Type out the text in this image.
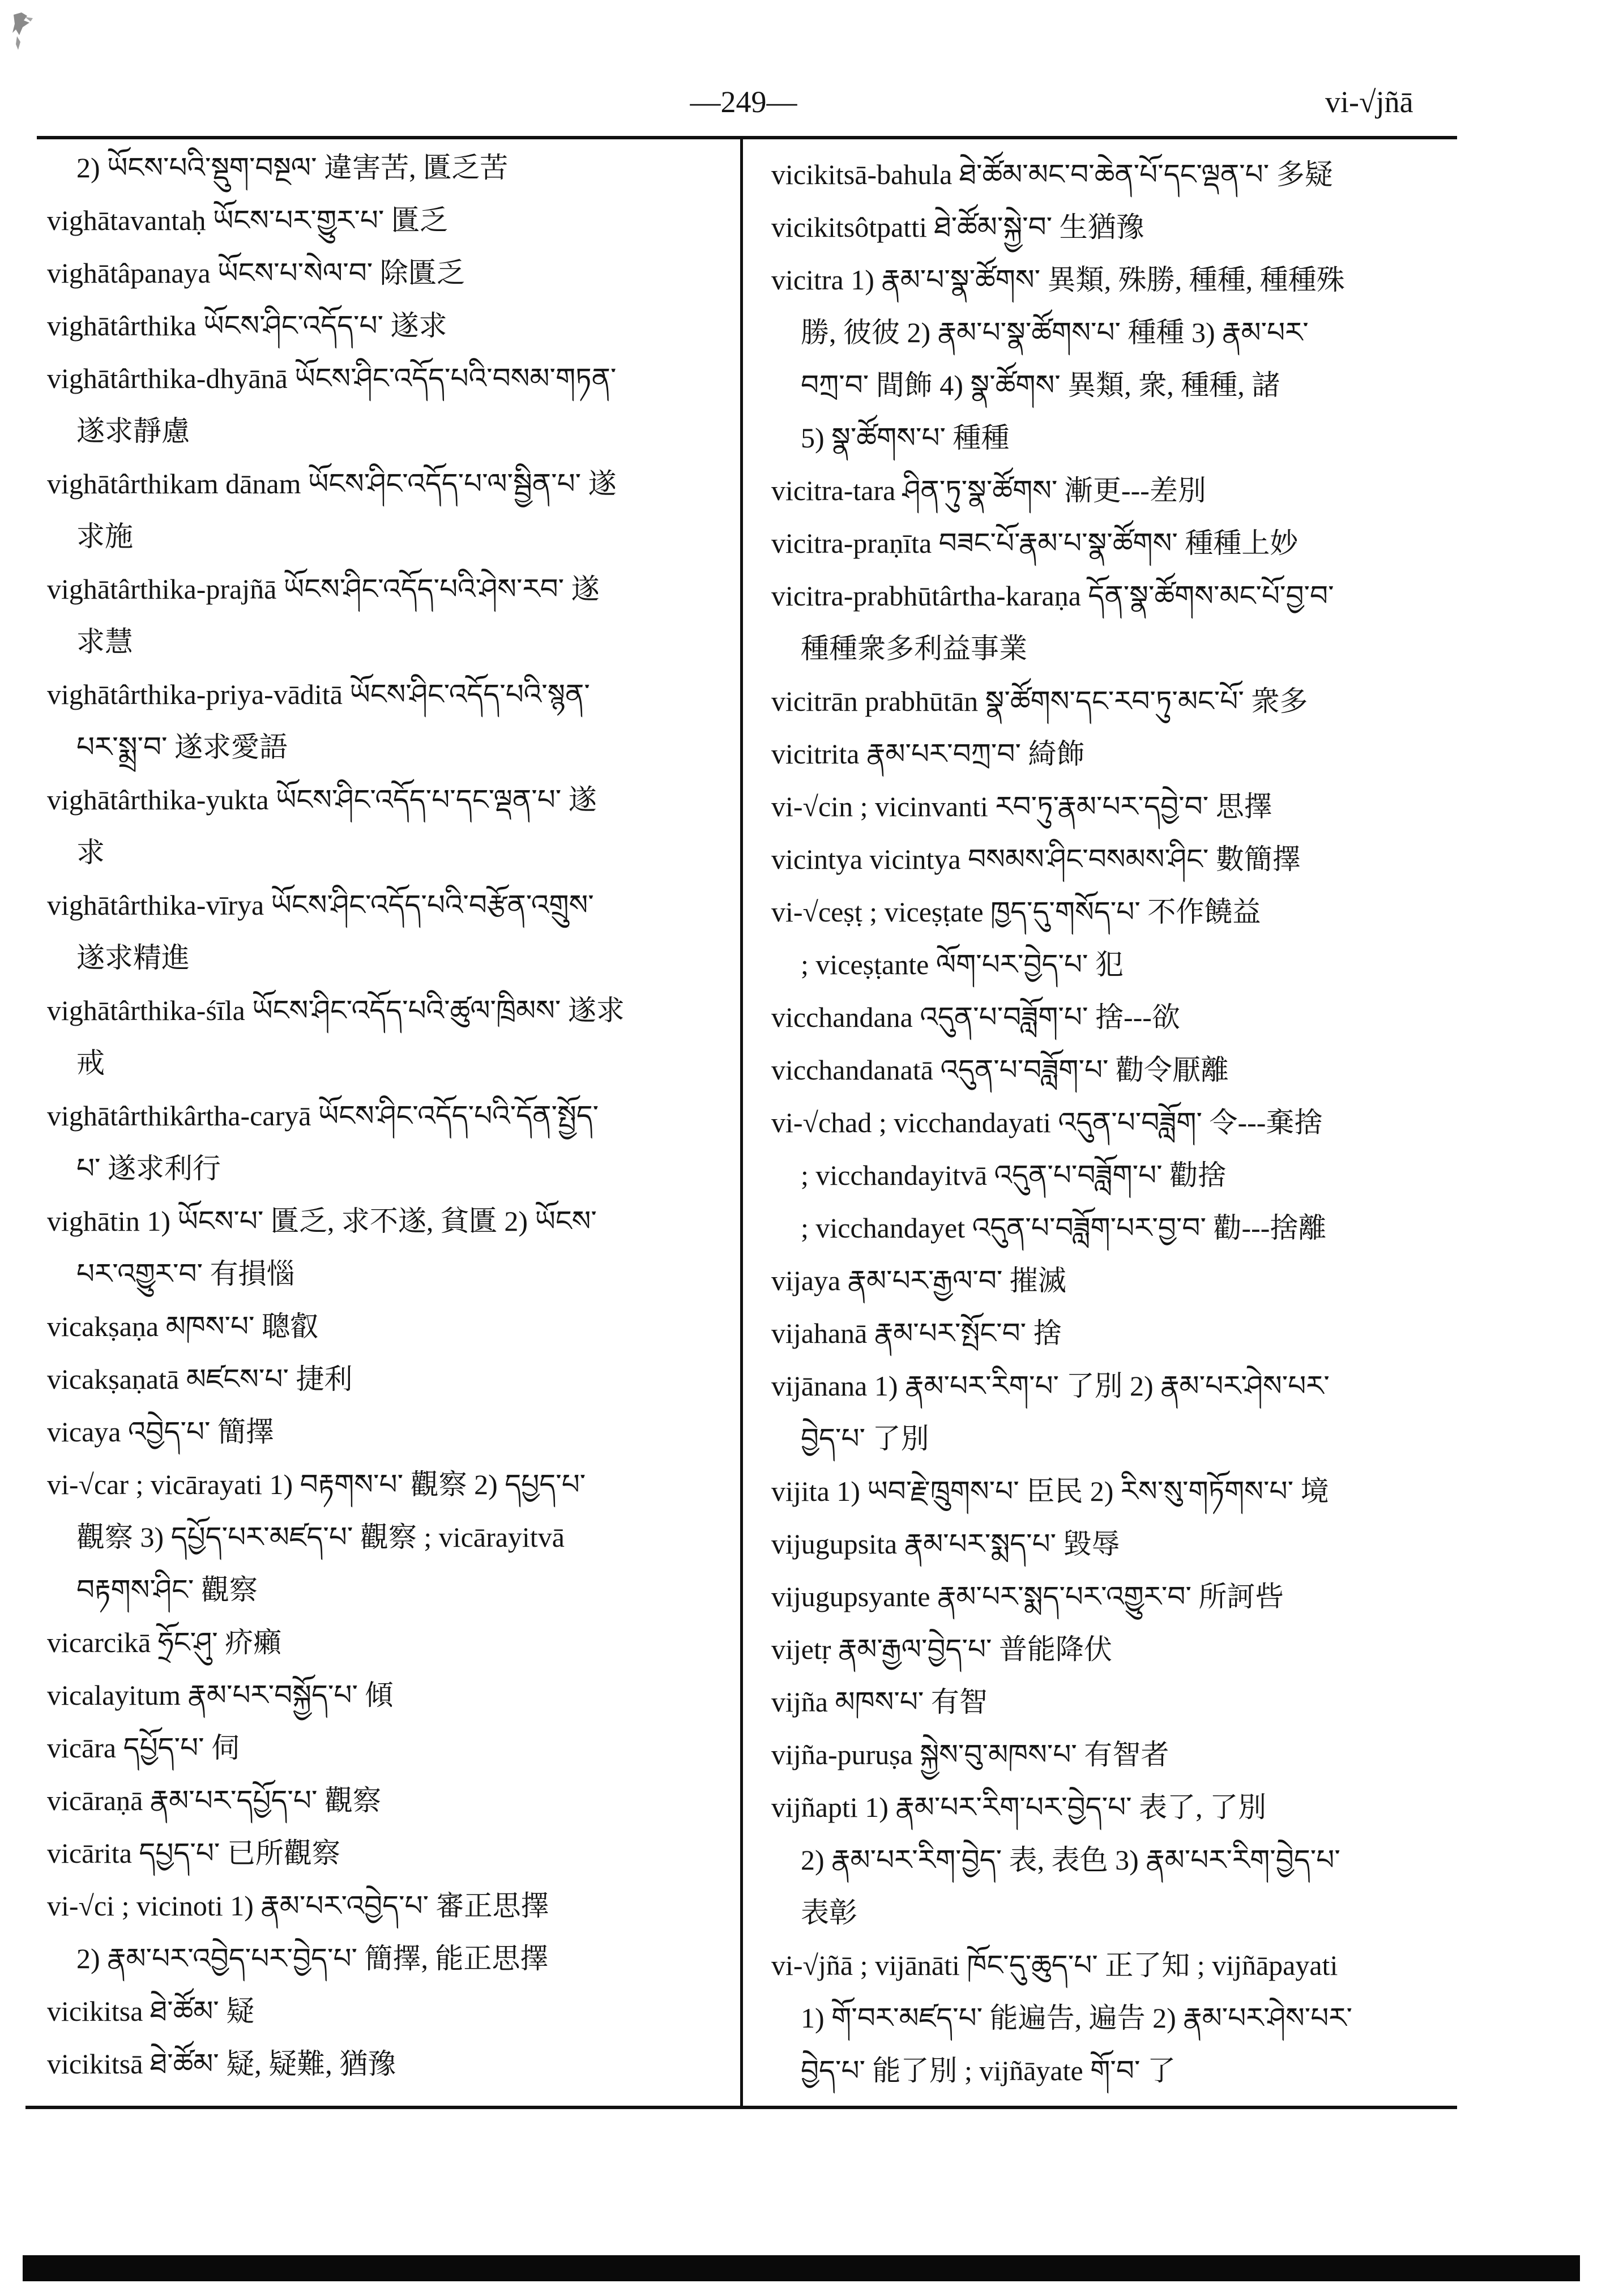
—249—	vi-√jñā
2) ཡོངས་པའི་སྡུག་བསྔལ་ 違害苦, 匱乏苦
vighātavantaḥ ཡོངས་པར་གྱུར་པ་ 匱乏
vighātâpanaya ཡོངས་པ་སེལ་བ་ 除匱乏
vighātârthika ཡོངས་ཤིང་འདོད་པ་ 遂求
vighātârthika-dhyānā ཡོངས་ཤིང་འདོད་པའི་བསམ་གཏན་
遂求靜慮
vighātârthikam dānam ཡོངས་ཤིང་འདོད་པ་ལ་སྦྱིན་པ་ 遂
求施
vighātârthika-prajñā ཡོངས་ཤིང་འདོད་པའི་ཤེས་རབ་ 遂
求慧
vighātârthika-priya-vāditā ཡོངས་ཤིང་འདོད་པའི་སྙན་
པར་སྨྲ་བ་ 遂求愛語
vighātârthika-yukta ཡོངས་ཤིང་འདོད་པ་དང་ལྡན་པ་ 遂
求
vighātârthika-vīrya ཡོངས་ཤིང་འདོད་པའི་བརྩོན་འགྲུས་
遂求精進
vighātârthika-śīla ཡོངས་ཤིང་འདོད་པའི་ཚུལ་ཁྲིམས་ 遂求
戒
vighātârthikârtha-caryā ཡོངས་ཤིང་འདོད་པའི་དོན་སྤྱོད་
པ་ 遂求利行
vighātin 1) ཡོངས་པ་ 匱乏, 求不遂, 貧匱 2) ཡོངས་
པར་འགྱུར་བ་ 有損惱
vicakṣaṇa མཁས་པ་ 聰叡
vicakṣaṇatā མཛངས་པ་ 捷利
vicaya འབྱེད་པ་ 簡擇
vi-√car ; vicārayati 1) བརྟགས་པ་ 觀察 2) དཔྱད་པ་
觀察 3) དཔྱོད་པར་མཛད་པ་ 觀察 ; vicārayitvā
བརྟགས་ཤིང་ 觀察
vicarcikā ཧྲོང་ཤུ་ 疥癩
vicalayitum རྣམ་པར་བསྐྱོད་པ་ 傾
vicāra དཔྱོད་པ་ 伺
vicāraṇā རྣམ་པར་དཔྱོད་པ་ 觀察
vicārita དཔྱད་པ་ 已所觀察
vi-√ci ; vicinoti 1) རྣམ་པར་འབྱེད་པ་ 審正思擇
2) རྣམ་པར་འབྱེད་པར་བྱེད་པ་ 簡擇, 能正思擇
vicikitsa ཐེ་ཚོམ་ 疑
vicikitsā ཐེ་ཚོམ་ 疑, 疑難, 猶豫
vicikitsā-bahula ཐེ་ཚོམ་མང་བ་ཆེན་པོ་དང་ལྡན་པ་ 多疑
vicikitsôtpatti ཐེ་ཚོམ་སྐྱེ་བ་ 生猶豫
vicitra 1) རྣམ་པ་སྣ་ཚོགས་ 異類, 殊勝, 種種, 種種殊
勝, 彼彼 2) རྣམ་པ་སྣ་ཚོགས་པ་ 種種 3) རྣམ་པར་
བཀྲ་བ་ 間飾 4) སྣ་ཚོགས་ 異類, 衆, 種種, 諸
5) སྣ་ཚོགས་པ་ 種種
vicitra-tara ཤིན་ཏུ་སྣ་ཚོགས་ 漸更---差別
vicitra-praṇīta བཟང་པོ་རྣམ་པ་སྣ་ཚོགས་ 種種上妙
vicitra-prabhūtârtha-karaṇa དོན་སྣ་ཚོགས་མང་པོ་བྱ་བ་
種種衆多利益事業
vicitrān prabhūtān སྣ་ཚོགས་དང་རབ་ཏུ་མང་པོ་ 衆多
vicitrita རྣམ་པར་བཀྲ་བ་ 綺飾
vi-√cin ; vicinvanti རབ་ཏུ་རྣམ་པར་དབྱེ་བ་ 思擇
vicintya vicintya བསམས་ཤིང་བསམས་ཤིང་ 數簡擇
vi-√ceṣṭ ; viceṣṭate ཁྱད་དུ་གསོད་པ་ 不作饒益
; viceṣṭante ལོག་པར་བྱེད་པ་ 犯
vicchandana འདུན་པ་བཟློག་པ་ 捨---欲
vicchandanatā འདུན་པ་བཟློག་པ་ 勸令厭離
vi-√chad ; vicchandayati འདུན་པ་བཟློག་ 令---棄捨
; vicchandayitvā འདུན་པ་བཟློག་པ་ 勸捨
; vicchandayet འདུན་པ་བཟློག་པར་བྱ་བ་ 勸---捨離
vijaya རྣམ་པར་རྒྱལ་བ་ 摧滅
vijahanā རྣམ་པར་སྤོང་བ་ 捨
vijānana 1) རྣམ་པར་རིག་པ་ 了別 2) རྣམ་པར་ཤེས་པར་
བྱེད་པ་ 了別
vijita 1) ཡབ་རྗེ་ཁྲུགས་པ་ 臣民 2) རིས་སུ་གཏོགས་པ་ 境
vijugupsita རྣམ་པར་སྨད་པ་ 毀辱
vijugupsyante རྣམ་པར་སྨད་པར་འགྱུར་བ་ 所訶呰
vijetṛ རྣམ་རྒྱལ་བྱེད་པ་ 普能降伏
vijña མཁས་པ་ 有智
vijña-puruṣa སྐྱེས་བུ་མཁས་པ་ 有智者
vijñapti 1) རྣམ་པར་རིག་པར་བྱེད་པ་ 表了, 了別
2) རྣམ་པར་རིག་བྱེད་ 表, 表色 3) རྣམ་པར་རིག་བྱེད་པ་
表彰
vi-√jñā ; vijānāti ཁོང་དུ་ཆུད་པ་ 正了知 ; vijñāpayati
1) གོ་བར་མཛད་པ་ 能遍告, 遍告 2) རྣམ་པར་ཤེས་པར་
བྱེད་པ་ 能了別 ; vijñāyate གོ་བ་ 了
